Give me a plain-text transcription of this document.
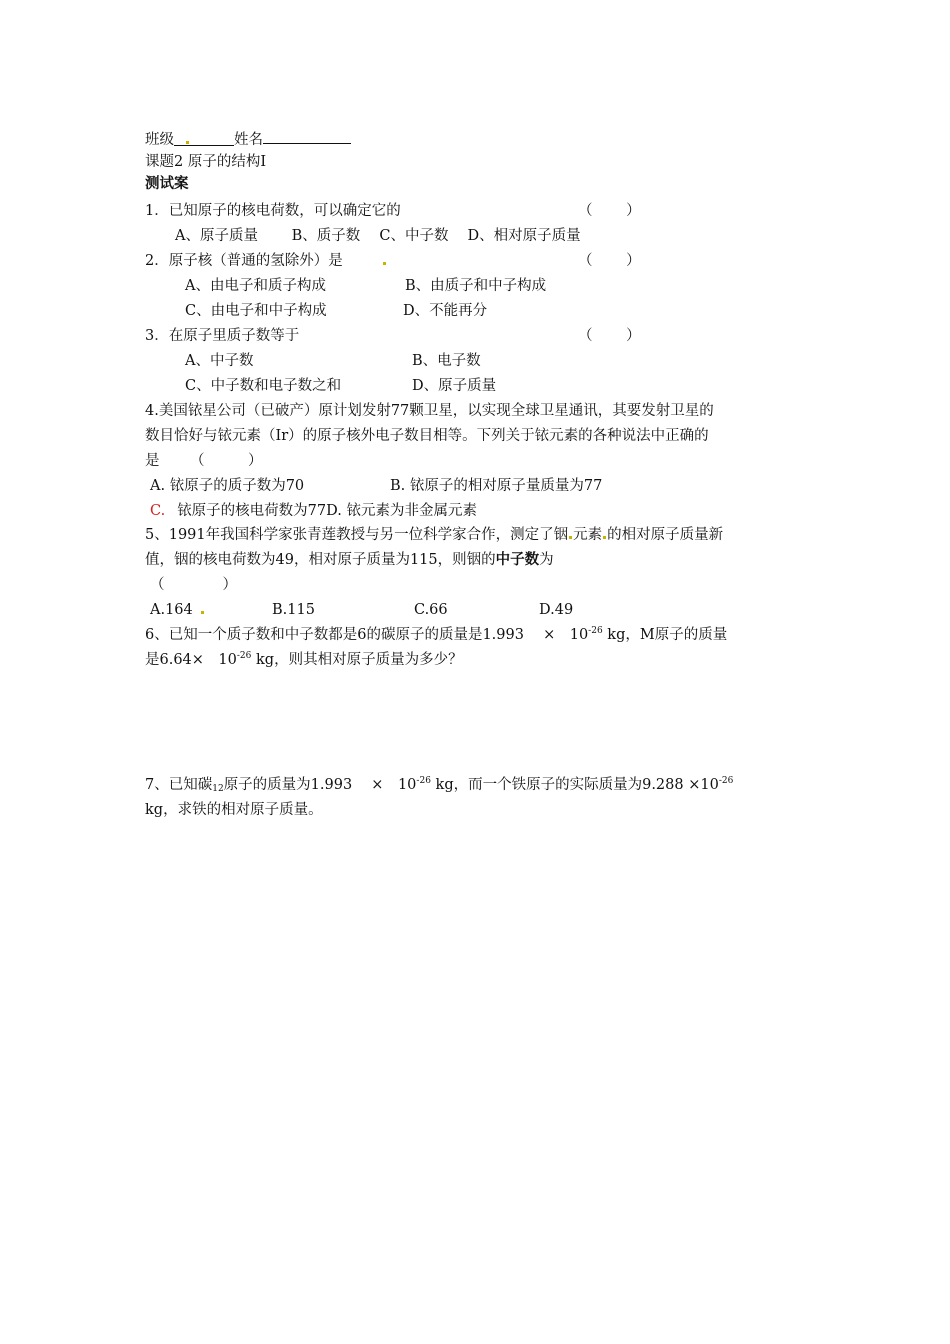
班级	姓名
课题2 原子的结构Ⅰ
测试案
1．已知原子的核电荷数，可以确定它的	（　　 ）
A、原子质量　　 B、质子数　 C、中子数　 D、相对原子质量
2．原子核（普通的氢除外）是	（　　 ）
A、由电子和质子构成	B、由质子和中子构成
C、由电子和中子构成	D、不能再分
3．在原子里质子数等于	（　　 ）
A、中子数	B、电子数
C、中子数和电子数之和	D、原子质量
4.美国铱星公司（已破产）原计划发射77颗卫星，以实现全球卫星通讯，其要发射卫星的
数目恰好与铱元素（Ir）的原子核外电子数目相等。下列关于铱元素的各种说法中正确的
是 （　　　）
A. 铱原子的质子数为70	B. 铱原子的相对原子量质量为77
C. 铱原子的核电荷数为77D. 铱元素为非金属元素
5、1991年我国科学家张青莲教授与另一位科学家合作，测定了铟 元素 的相对原子质量新
值，铟的核电荷数为49，相对原子质量为115，则铟的中子数为
（　　　　）
A.164	B.115	C.66	D.49
6、已知一个质子数和中子数都是6的碳原子的质量是1.993　 ×　$10^{-26}$ kg，M原子的质量
是6.64×　$10^{-26}$ kg，则其相对原子质量为多少？
7、已知碳$_{12}$原子的质量为1.993　 ×　$10^{-26}$ kg，而一个铁原子的实际质量为$9.288 \times 10^{-26}$
kg，求铁的相对原子质量。
